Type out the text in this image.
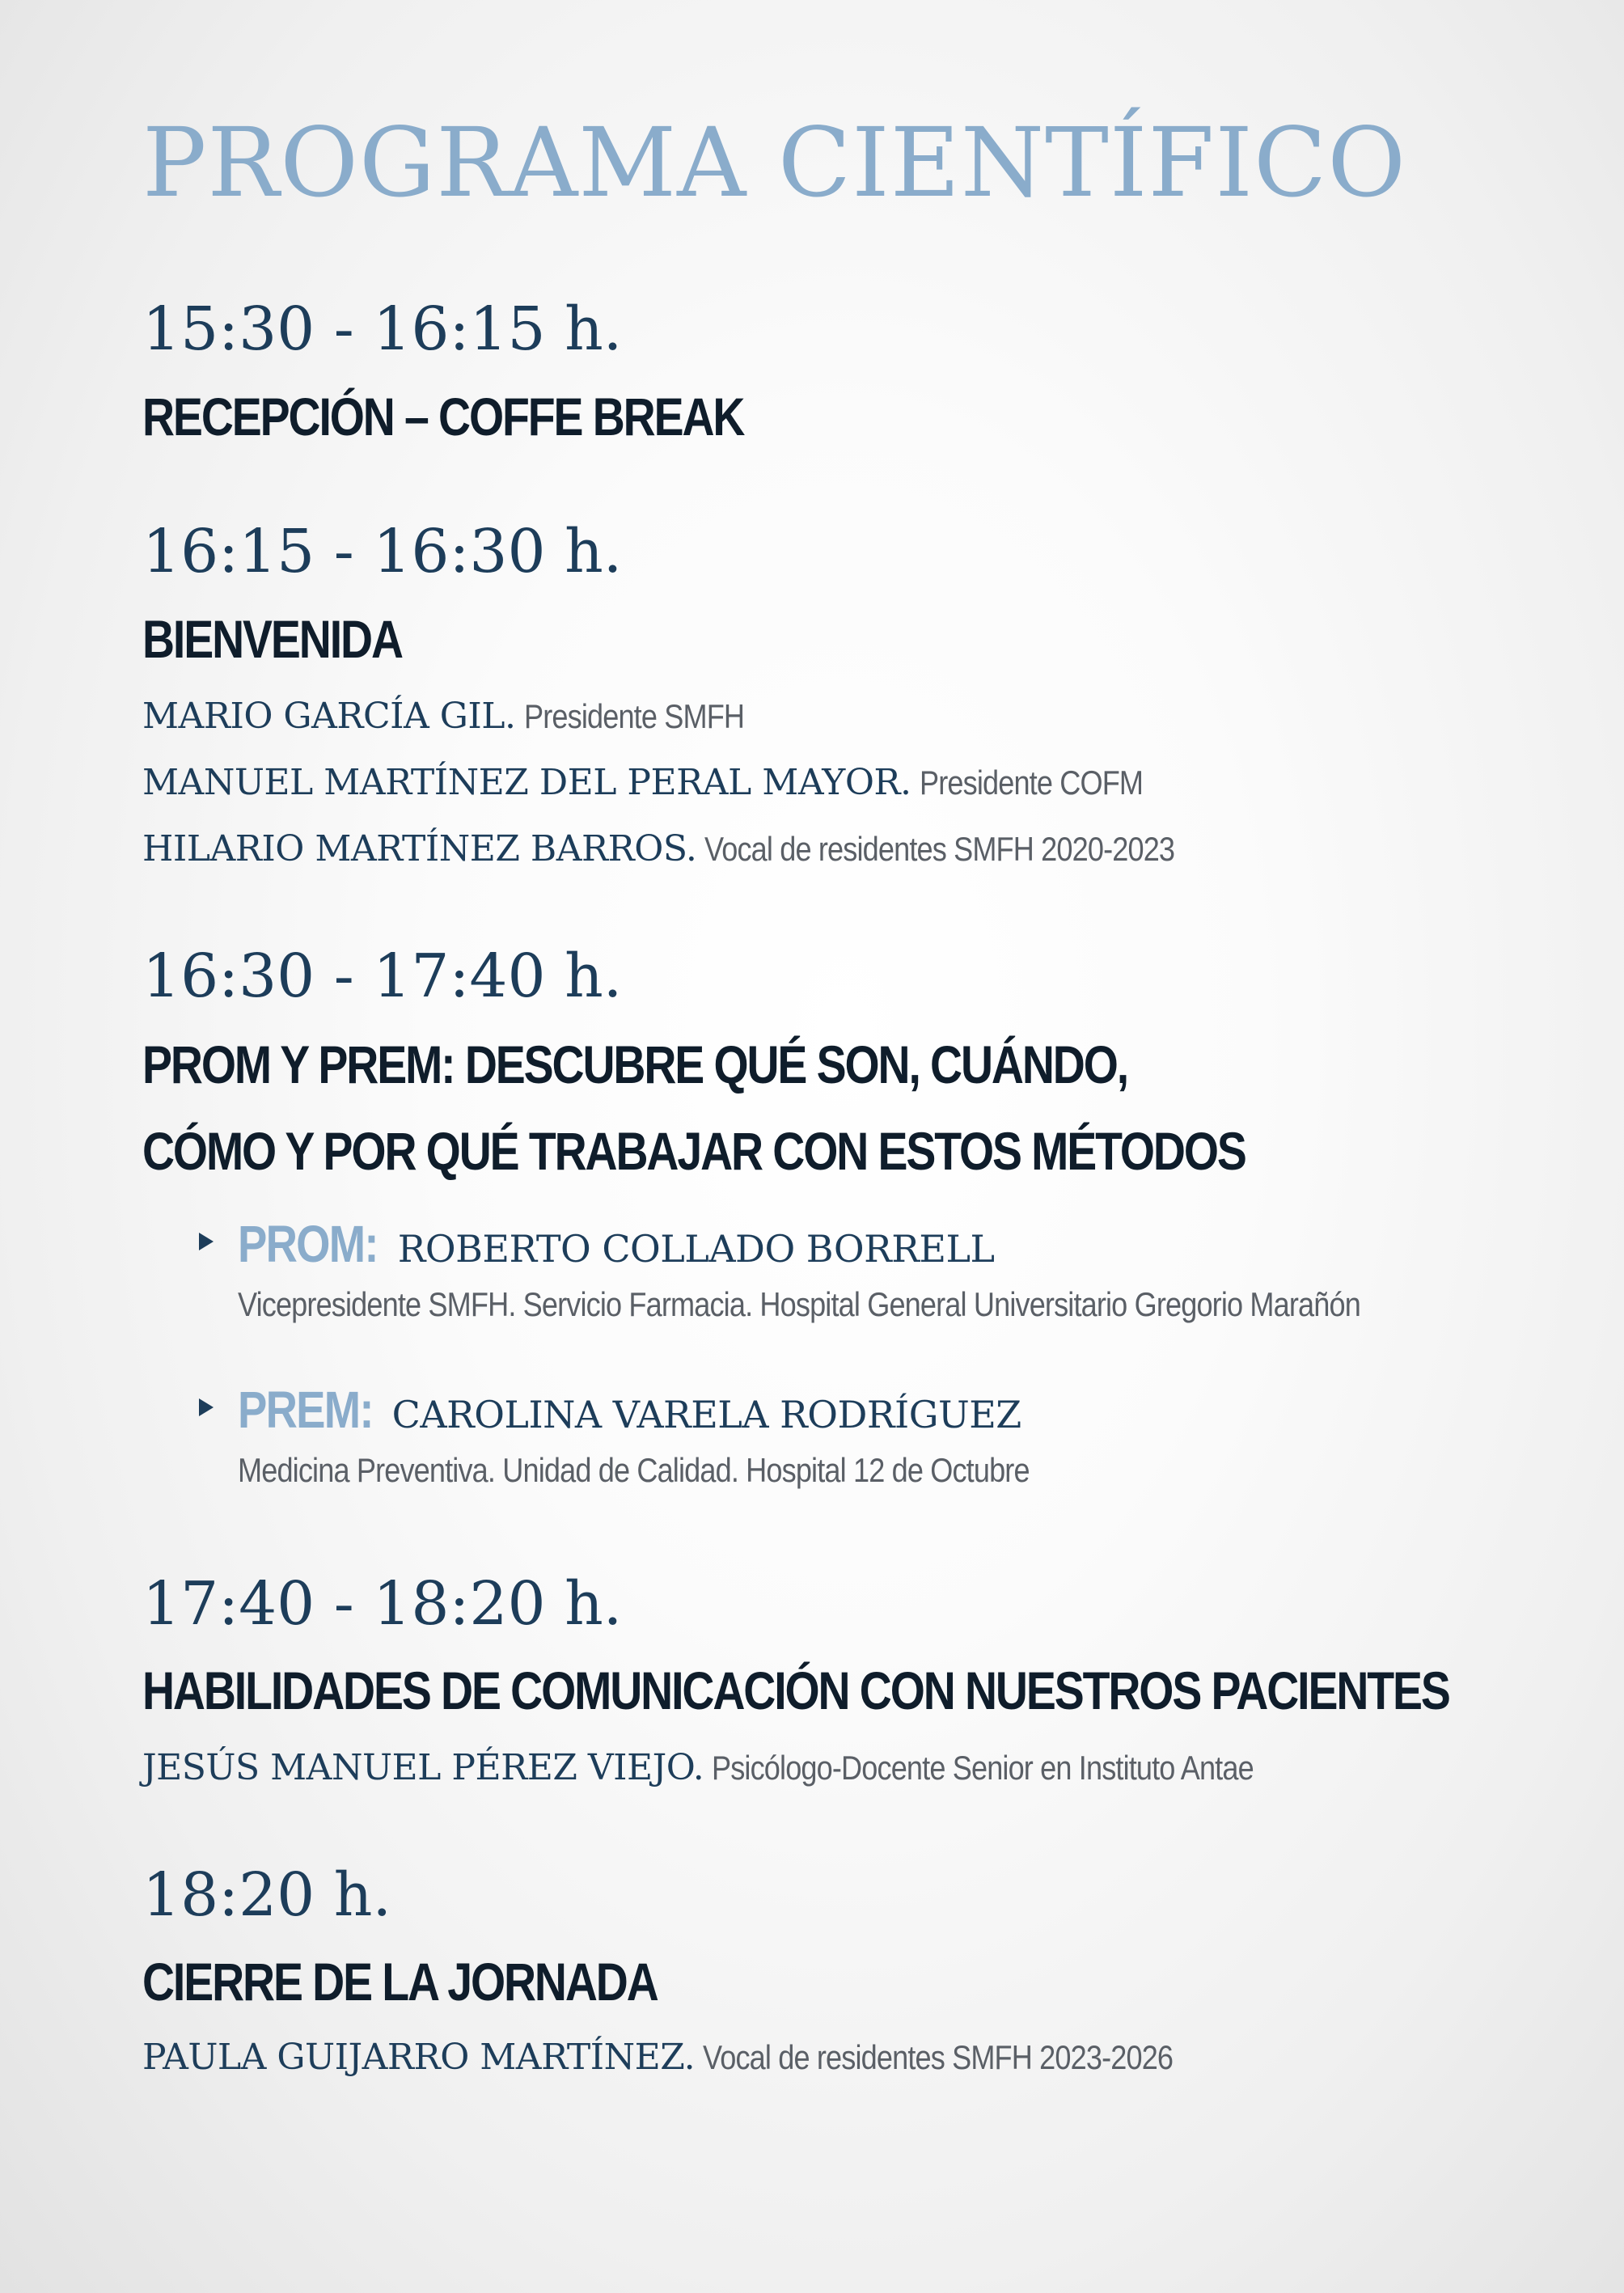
PROGRAMA CIENTÍFICO
15:30 - 16:15 h.
RECEPCIÓN – COFFE BREAK
16:15 - 16:30 h.
BIENVENIDA
MARIO GARCÍA GIL. Presidente SMFH
MANUEL MARTÍNEZ DEL PERAL MAYOR. Presidente COFM
HILARIO MARTÍNEZ BARROS. Vocal de residentes SMFH 2020-2023
16:30 - 17:40 h.
PROM Y PREM: DESCUBRE QUÉ SON, CUÁNDO,
CÓMO Y POR QUÉ TRABAJAR CON ESTOS MÉTODOS
PROM: ROBERTO COLLADO BORRELL
Vicepresidente SMFH. Servicio Farmacia. Hospital General Universitario Gregorio Marañón
PREM: CAROLINA VARELA RODRÍGUEZ
Medicina Preventiva. Unidad de Calidad. Hospital 12 de Octubre
17:40 - 18:20 h.
HABILIDADES DE COMUNICACIÓN CON NUESTROS PACIENTES
JESÚS MANUEL PÉREZ VIEJO. Psicólogo-Docente Senior en Instituto Antae
18:20 h.
CIERRE DE LA JORNADA
PAULA GUIJARRO MARTÍNEZ. Vocal de residentes SMFH 2023-2026
